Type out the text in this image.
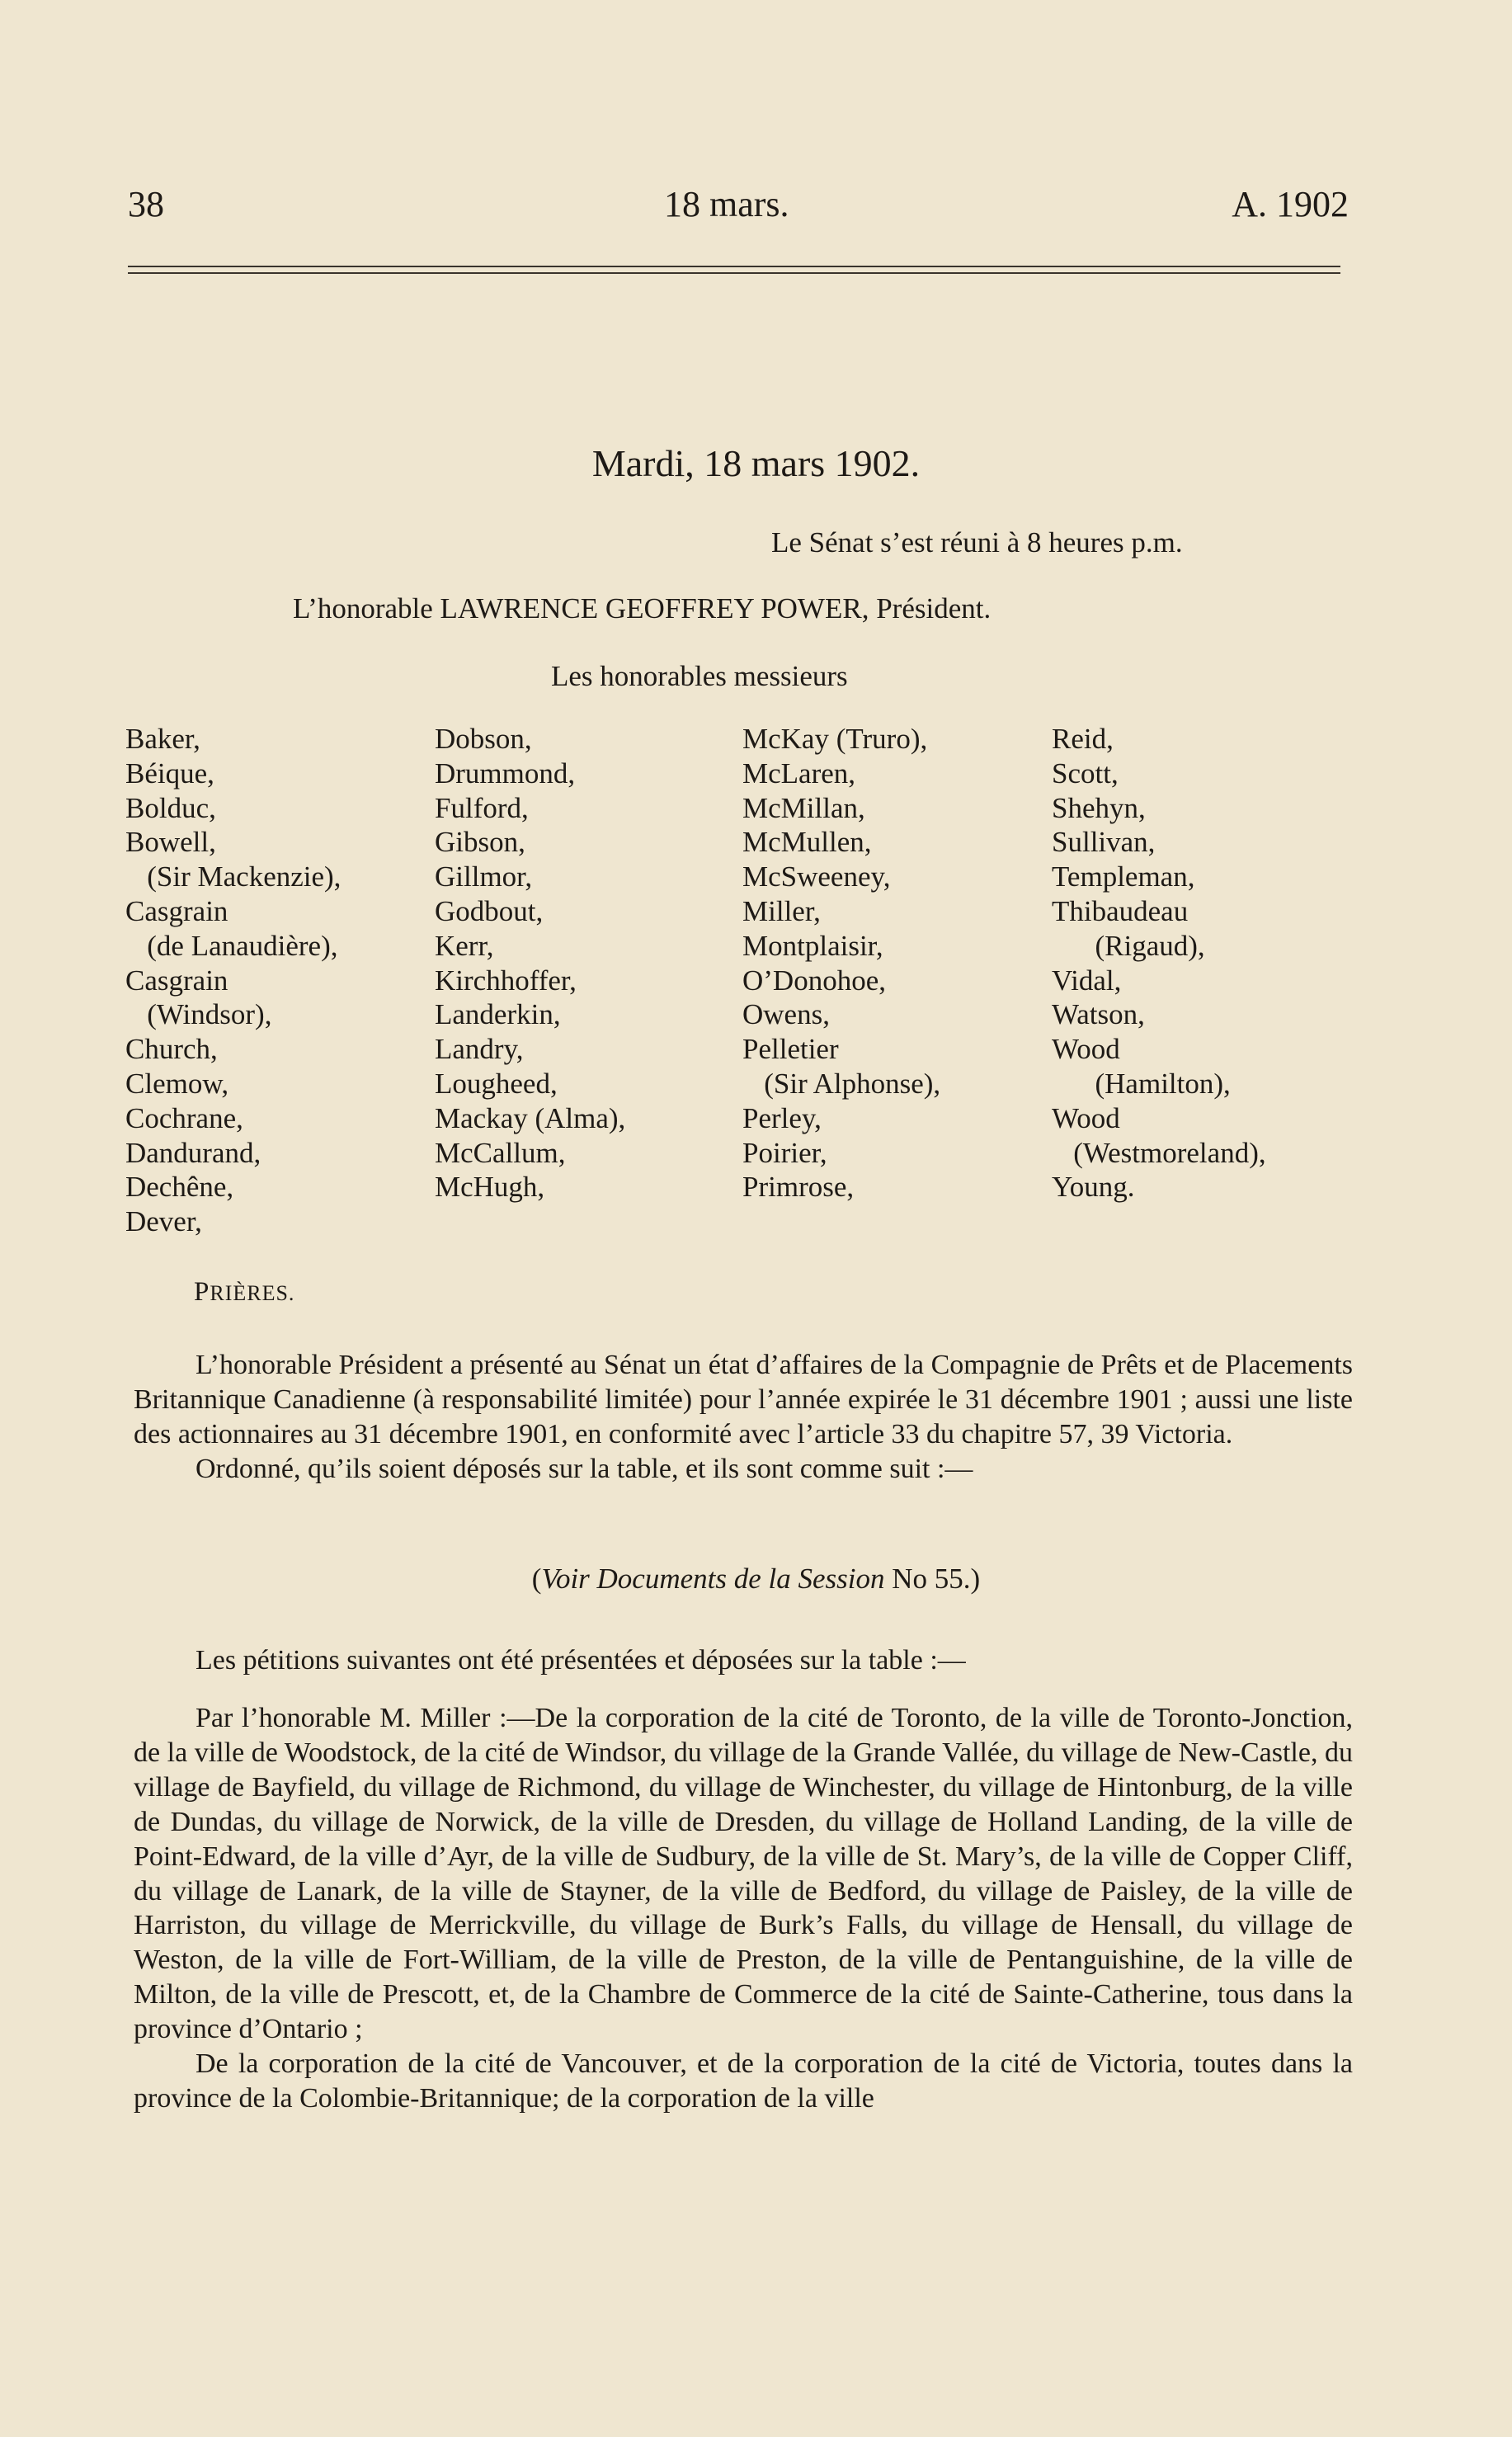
38	18 mars.	A. 1902
Mardi, 18 mars 1902.
Le Sénat s’est réuni à 8 heures p.m.
L’honorable LAWRENCE GEOFFREY POWER, Président.
Les honorables messieurs
Baker,
Béique,
Bolduc,
Bowell,
(Sir Mackenzie),
Casgrain
(de Lanaudière),
Casgrain
(Windsor),
Church,
Clemow,
Cochrane,
Dandurand,
Dechêne,
Dever,
Dobson,
Drummond,
Fulford,
Gibson,
Gillmor,
Godbout,
Kerr,
Kirchhoffer,
Landerkin,
Landry,
Lougheed,
Mackay (Alma),
McCallum,
McHugh,
McKay (Truro),
McLaren,
McMillan,
McMullen,
McSweeney,
Miller,
Montplaisir,
O’Donohoe,
Owens,
Pelletier
(Sir Alphonse),
Perley,
Poirier,
Primrose,
Reid,
Scott,
Shehyn,
Sullivan,
Templeman,
Thibaudeau
(Rigaud),
Vidal,
Watson,
Wood
(Hamilton),
Wood
(Westmoreland),
Young.
PRIÈRES.

L’honorable Président a présenté au Sénat un état d’affaires de la Compagnie de Prêts et de Placements Britannique Canadienne (à responsabilité limitée) pour l’année expirée le 31 décembre 1901 ; aussi une liste des actionnaires au 31 décembre 1901, en conformité avec l’article 33 du chapitre 57, 39 Victoria.

Ordonné, qu’ils soient déposés sur la table, et ils sont comme suit :—

(Voir Documents de la Session No 55.)

Les pétitions suivantes ont été présentées et déposées sur la table :—

Par l’honorable M. Miller :—De la corporation de la cité de Toronto, de la ville de Toronto-Jonction, de la ville de Woodstock, de la cité de Windsor, du village de la Grande Vallée, du village de New-Castle, du village de Bayfield, du village de Richmond, du village de Winchester, du village de Hintonburg, de la ville de Dundas, du village de Norwick, de la ville de Dresden, du village de Holland Landing, de la ville de Point-Edward, de la ville d’Ayr, de la ville de Sudbury, de la ville de St. Mary’s, de la ville de Copper Cliff, du village de Lanark, de la ville de Stayner, de la ville de Bedford, du village de Paisley, de la ville de Harriston, du village de Merrickville, du village de Burk’s Falls, du village de Hensall, du village de Weston, de la ville de Fort-William, de la ville de Preston, de la ville de Pentanguishine, de la ville de Milton, de la ville de Prescott, et, de la Chambre de Commerce de la cité de Sainte-Catherine, tous dans la province d’Ontario ;

De la corporation de la cité de Vancouver, et de la corporation de la cité de Victoria, toutes dans la province de la Colombie-Britannique; de la corporation de la ville
